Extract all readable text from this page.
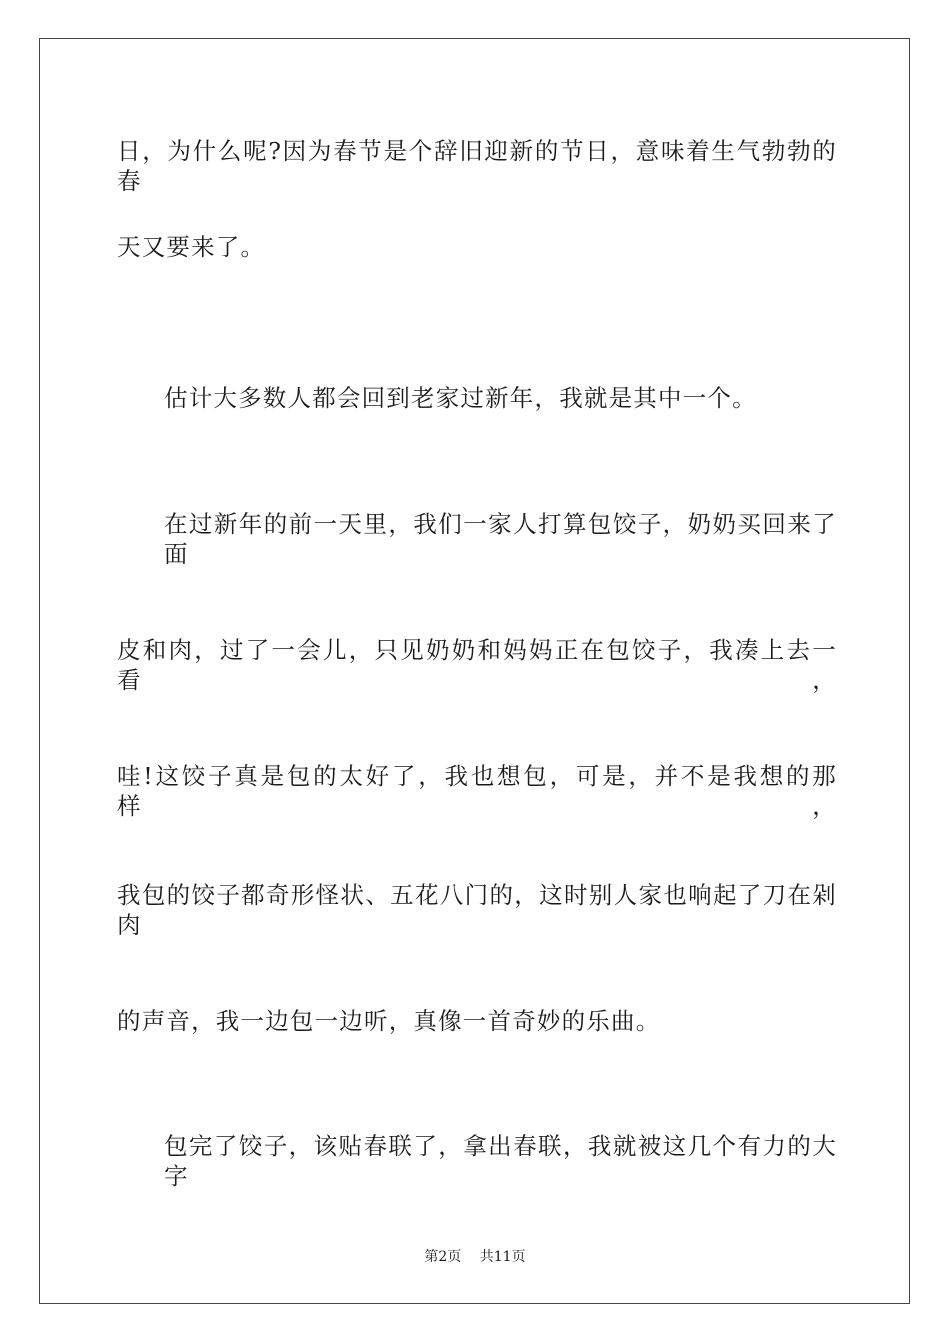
日，为什么呢?因为春节是个辞旧迎新的节日，意味着生气勃勃的春
天又要来了。
估计大多数人都会回到老家过新年，我就是其中一个。
在过新年的前一天里，我们一家人打算包饺子，奶奶买回来了面
皮和肉，过了一会儿，只见奶奶和妈妈正在包饺子，我凑上去一看，
哇!这饺子真是包的太好了，我也想包，可是，并不是我想的那样，
我包的饺子都奇形怪状、五花八门的，这时别人家也响起了刀在剁肉
的声音，我一边包一边听，真像一首奇妙的乐曲。
包完了饺子，该贴春联了，拿出春联，我就被这几个有力的大字
第2页　 共11页
